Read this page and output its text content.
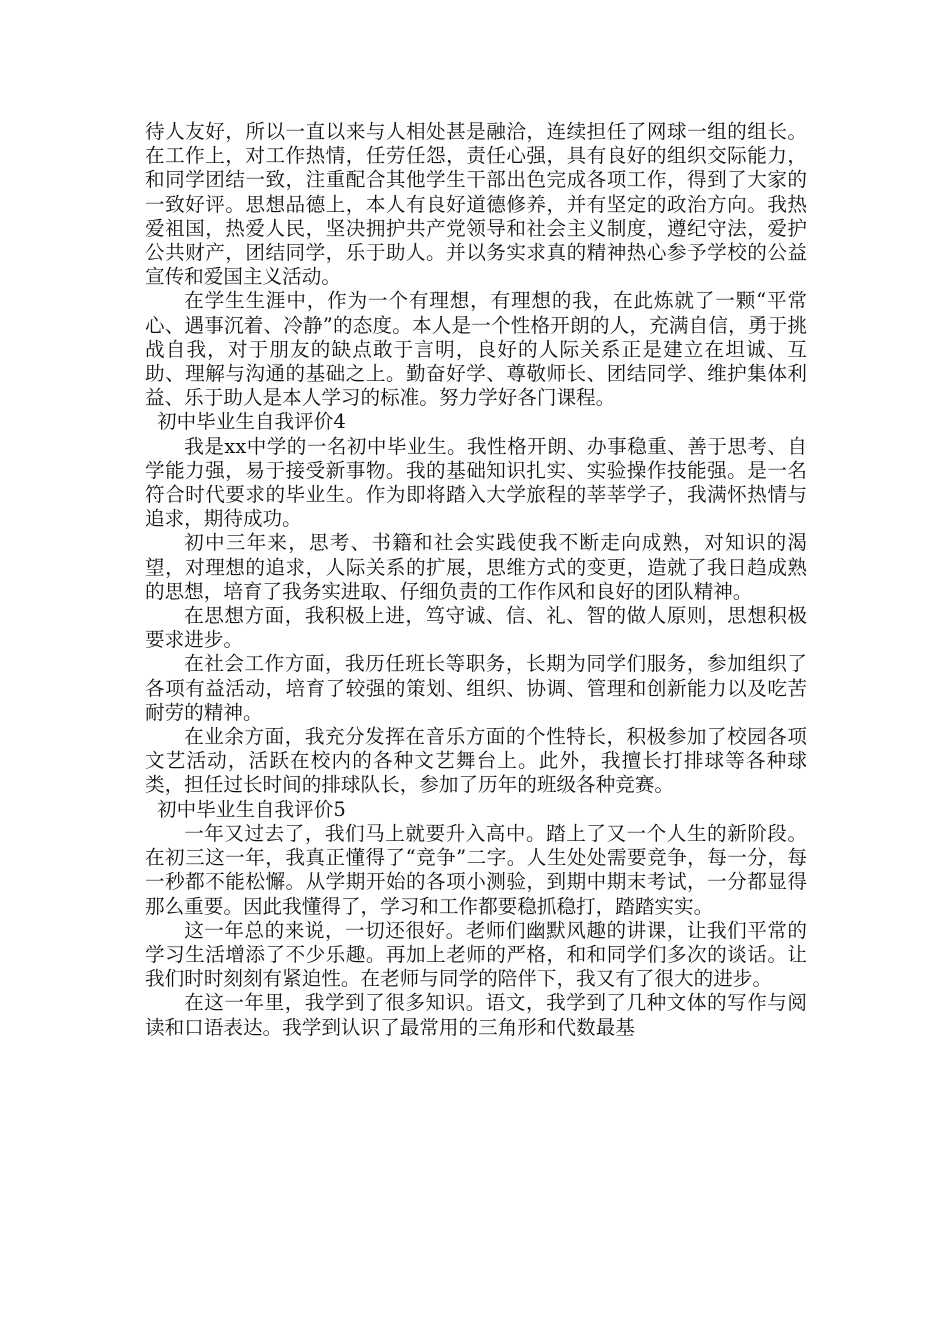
待人友好，所以一直以来与人相处甚是融洽，连续担任了网球一组的组长。在工作上，对工作热情，任劳任怨，责任心强，具有良好的组织交际能力，和同学团结一致，注重配合其他学生干部出色完成各项工作，得到了大家的一致好评。思想品德上，本人有良好道德修养，并有坚定的政治方向。我热爱祖国，热爱人民，坚决拥护共产党领导和社会主义制度，遵纪守法，爱护公共财产，团结同学，乐于助人。并以务实求真的精神热心参予学校的公益宣传和爱国主义活动。

在学生生涯中，作为一个有理想，有理想的我，在此炼就了一颗“平常心、遇事沉着、冷静”的态度。本人是一个性格开朗的人，充满自信，勇于挑战自我，对于朋友的缺点敢于言明，良好的人际关系正是建立在坦诚、互助、理解与沟通的基础之上。勤奋好学、尊敬师长、团结同学、维护集体利益、乐于助人是本人学习的标准。努力学好各门课程。

初中毕业生自我评价4

我是xx中学的一名初中毕业生。我性格开朗、办事稳重、善于思考、自学能力强，易于接受新事物。我的基础知识扎实、实验操作技能强。是一名符合时代要求的毕业生。作为即将踏入大学旅程的莘莘学子，我满怀热情与追求，期待成功。

初中三年来，思考、书籍和社会实践使我不断走向成熟，对知识的渴望，对理想的追求，人际关系的扩展，思维方式的变更，造就了我日趋成熟的思想，培育了我务实进取、仔细负责的工作作风和良好的团队精神。

在思想方面，我积极上进，笃守诚、信、礼、智的做人原则，思想积极要求进步。

在社会工作方面，我历任班长等职务，长期为同学们服务，参加组织了各项有益活动，培育了较强的策划、组织、协调、管理和创新能力以及吃苦耐劳的精神。

在业余方面，我充分发挥在音乐方面的个性特长，积极参加了校园各项文艺活动，活跃在校内的各种文艺舞台上。此外，我擅长打排球等各种球类，担任过长时间的排球队长，参加了历年的班级各种竞赛。

初中毕业生自我评价5

一年又过去了，我们马上就要升入高中。踏上了又一个人生的新阶段。在初三这一年，我真正懂得了“竞争”二字。人生处处需要竞争，每一分，每一秒都不能松懈。从学期开始的各项小测验，到期中期末考试，一分都显得那么重要。因此我懂得了，学习和工作都要稳抓稳打，踏踏实实。

这一年总的来说，一切还很好。老师们幽默风趣的讲课，让我们平常的学习生活增添了不少乐趣。再加上老师的严格，和和同学们多次的谈话。让我们时时刻刻有紧迫性。在老师与同学的陪伴下，我又有了很大的进步。

在这一年里，我学到了很多知识。语文，我学到了几种文体的写作与阅读和口语表达。我学到认识了最常用的三角形和代数最基
